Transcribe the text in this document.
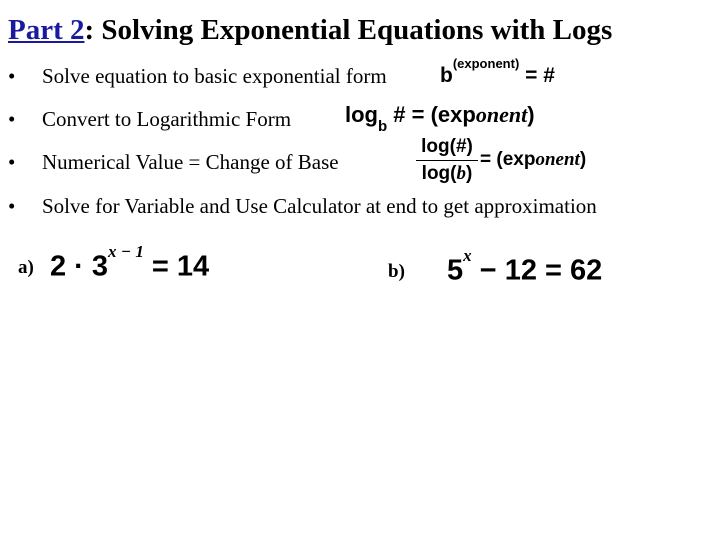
Part 2: Solving Exponential Equations with Logs
• Solve equation to basic exponential form	$b^{(exponent)}$ = #
• Convert to Logarithmic Form $\log_b$ # = (exponent)
• Numerical Value = Change of Base	$\frac{\log(\#)}{\log(b)}$ = (exponent)
• Solve for Variable and Use Calculator at end to get approximation
a) $2 \cdot 3^{x - 1} = 14$	b) $5^x - 12 = 62$
